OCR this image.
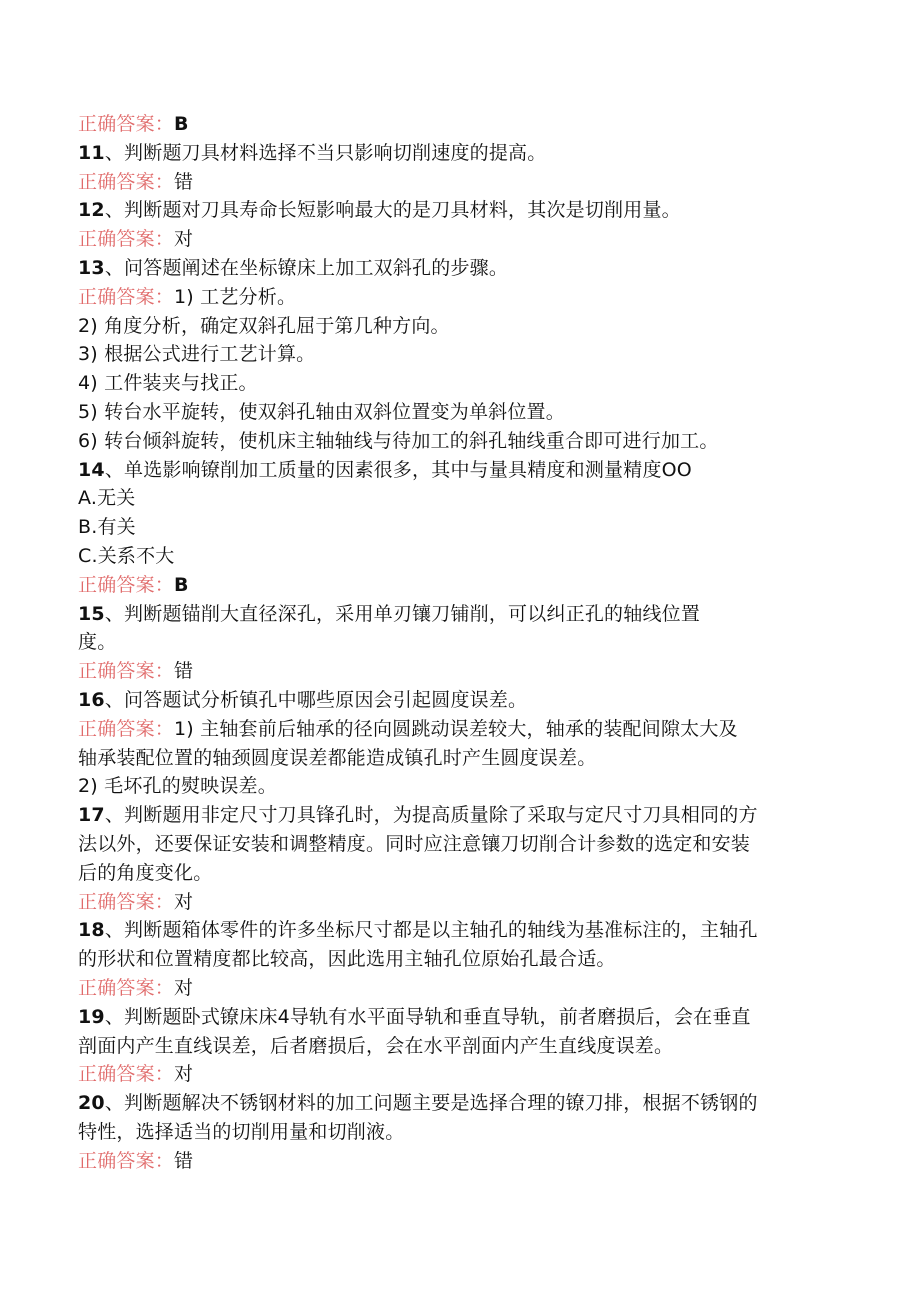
正确答案：B
11、判断题刀具材料选择不当只影响切削速度的提高。
正确答案：错
12、判断题对刀具寿命长短影响最大的是刀具材料，其次是切削用量。
正确答案：对
13、问答题阐述在坐标镣床上加工双斜孔的步骤。
正确答案：1) 工艺分析。
2) 角度分析，确定双斜孔屈于第几种方向。
3) 根据公式进行工艺计算。
4) 工件装夹与找正。
5) 转台水平旋转，使双斜孔轴由双斜位置变为单斜位置。
6) 转台倾斜旋转，使机床主轴轴线与待加工的斜孔轴线重合即可进行加工。
14、单选影响镣削加工质量的因素很多，其中与量具精度和测量精度OO
A.无关
B.有关
C.关系不大
正确答案：B
15、判断题锚削大直径深孔，采用单刃镶刀铺削，可以纠正孔的轴线位置
度。
正确答案：错
16、问答题试分析镇孔中哪些原因会引起圆度误差。
正确答案：1) 主轴套前后轴承的径向圆跳动误差较大，轴承的装配间隙太大及
轴承装配位置的轴颈圆度误差都能造成镇孔时产生圆度误差。
2) 毛坏孔的熨映误差。
17、判断题用非定尺寸刀具锋孔时，为提高质量除了采取与定尺寸刀具相同的方
法以外，还要保证安装和调整精度。同时应注意镶刀切削合计参数的选定和安装
后的角度变化。
正确答案：对
18、判断题箱体零件的许多坐标尺寸都是以主轴孔的轴线为基准标注的，主轴孔
的形状和位置精度都比较高，因此选用主轴孔位原始孔最合适。
正确答案：对
19、判断题卧式镣床床4导轨有水平面导轨和垂直导轨，前者磨损后，会在垂直
剖面内产生直线误差，后者磨损后，会在水平剖面内产生直线度误差。
正确答案：对
20、判断题解决不锈钢材料的加工问题主要是选择合理的镣刀排，根据不锈钢的
特性，选择适当的切削用量和切削液。
正确答案：错
